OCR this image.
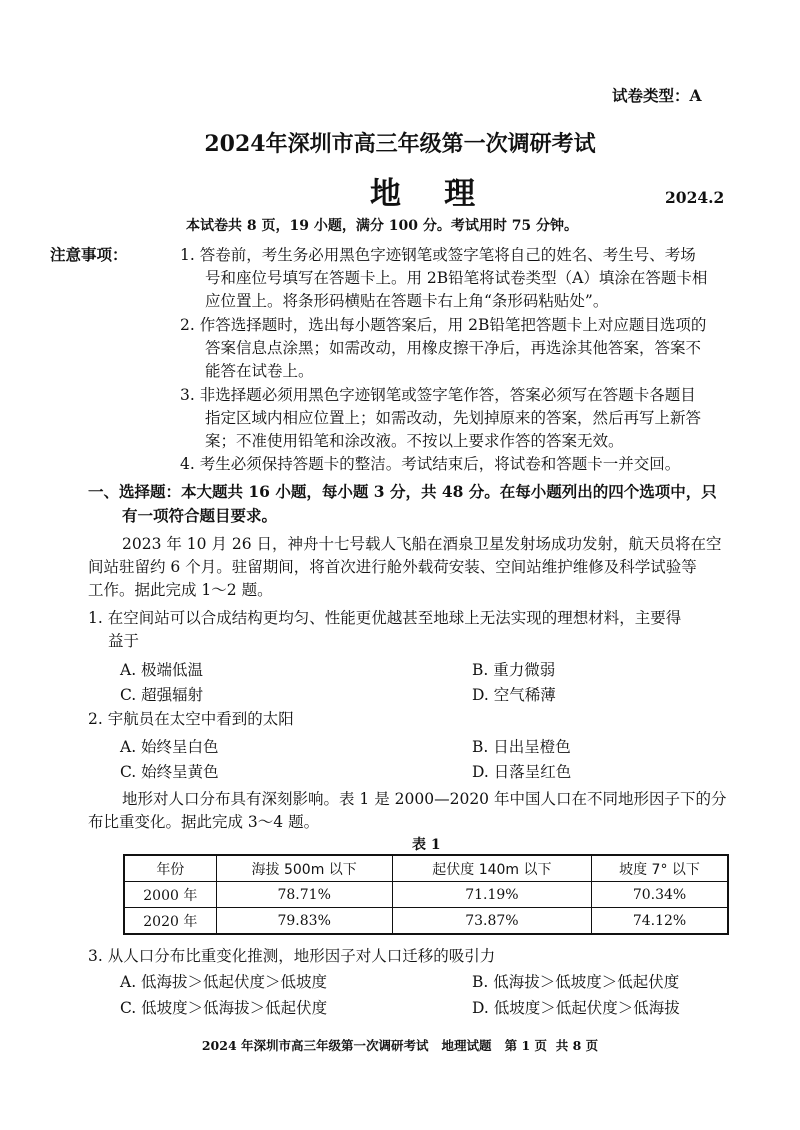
试卷类型：A
2024年深圳市高三年级第一次调研考试
地    理	2024.2
本试卷共 8 页，19 小题，满分 100 分。考试用时 75 分钟。
注意事项：	1. 答卷前，考生务必用黑色字迹钢笔或签字笔将自己的姓名、考生号、考场
号和座位号填写在答题卡上。用 2B铅笔将试卷类型（A）填涂在答题卡相
应位置上。将条形码横贴在答题卡右上角“条形码粘贴处”。
2. 作答选择题时，选出每小题答案后，用 2B铅笔把答题卡上对应题目选项的
答案信息点涂黑；如需改动，用橡皮擦干净后，再选涂其他答案，答案不
能答在试卷上。
3. 非选择题必须用黑色字迹钢笔或签字笔作答，答案必须写在答题卡各题目
指定区域内相应位置上；如需改动，先划掉原来的答案，然后再写上新答
案；不准使用铅笔和涂改液。不按以上要求作答的答案无效。
4. 考生必须保持答题卡的整洁。考试结束后，将试卷和答题卡一并交回。
一、选择题：本大题共 16 小题，每小题 3 分，共 48 分。在每小题列出的四个选项中，只
有一项符合题目要求。
2023 年 10 月 26 日，神舟十七号载人飞船在酒泉卫星发射场成功发射，航天员将在空
间站驻留约 6 个月。驻留期间，将首次进行舱外载荷安装、空间站维护维修及科学试验等
工作。据此完成 1～2 题。
1. 在空间站可以合成结构更均匀、性能更优越甚至地球上无法实现的理想材料，主要得
益于
A. 极端低温	B. 重力微弱
C. 超强辐射	D. 空气稀薄
2. 宇航员在太空中看到的太阳
A. 始终呈白色	B. 日出呈橙色
C. 始终呈黄色	D. 日落呈红色
地形对人口分布具有深刻影响。表 1 是 2000—2020 年中国人口在不同地形因子下的分
布比重变化。据此完成 3～4 题。
表 1
年份	海拔 500m 以下	起伏度 140m 以下	坡度 7° 以下
2000 年	78.71%	71.19%	70.34%
2020 年	79.83%	73.87%	74.12%
3. 从人口分布比重变化推测，地形因子对人口迁移的吸引力
A. 低海拔＞低起伏度＞低坡度	B. 低海拔＞低坡度＞低起伏度
C. 低坡度＞低海拔＞低起伏度	D. 低坡度＞低起伏度＞低海拔
2024 年深圳市高三年级第一次调研考试   地理试题   第 1 页  共 8 页
